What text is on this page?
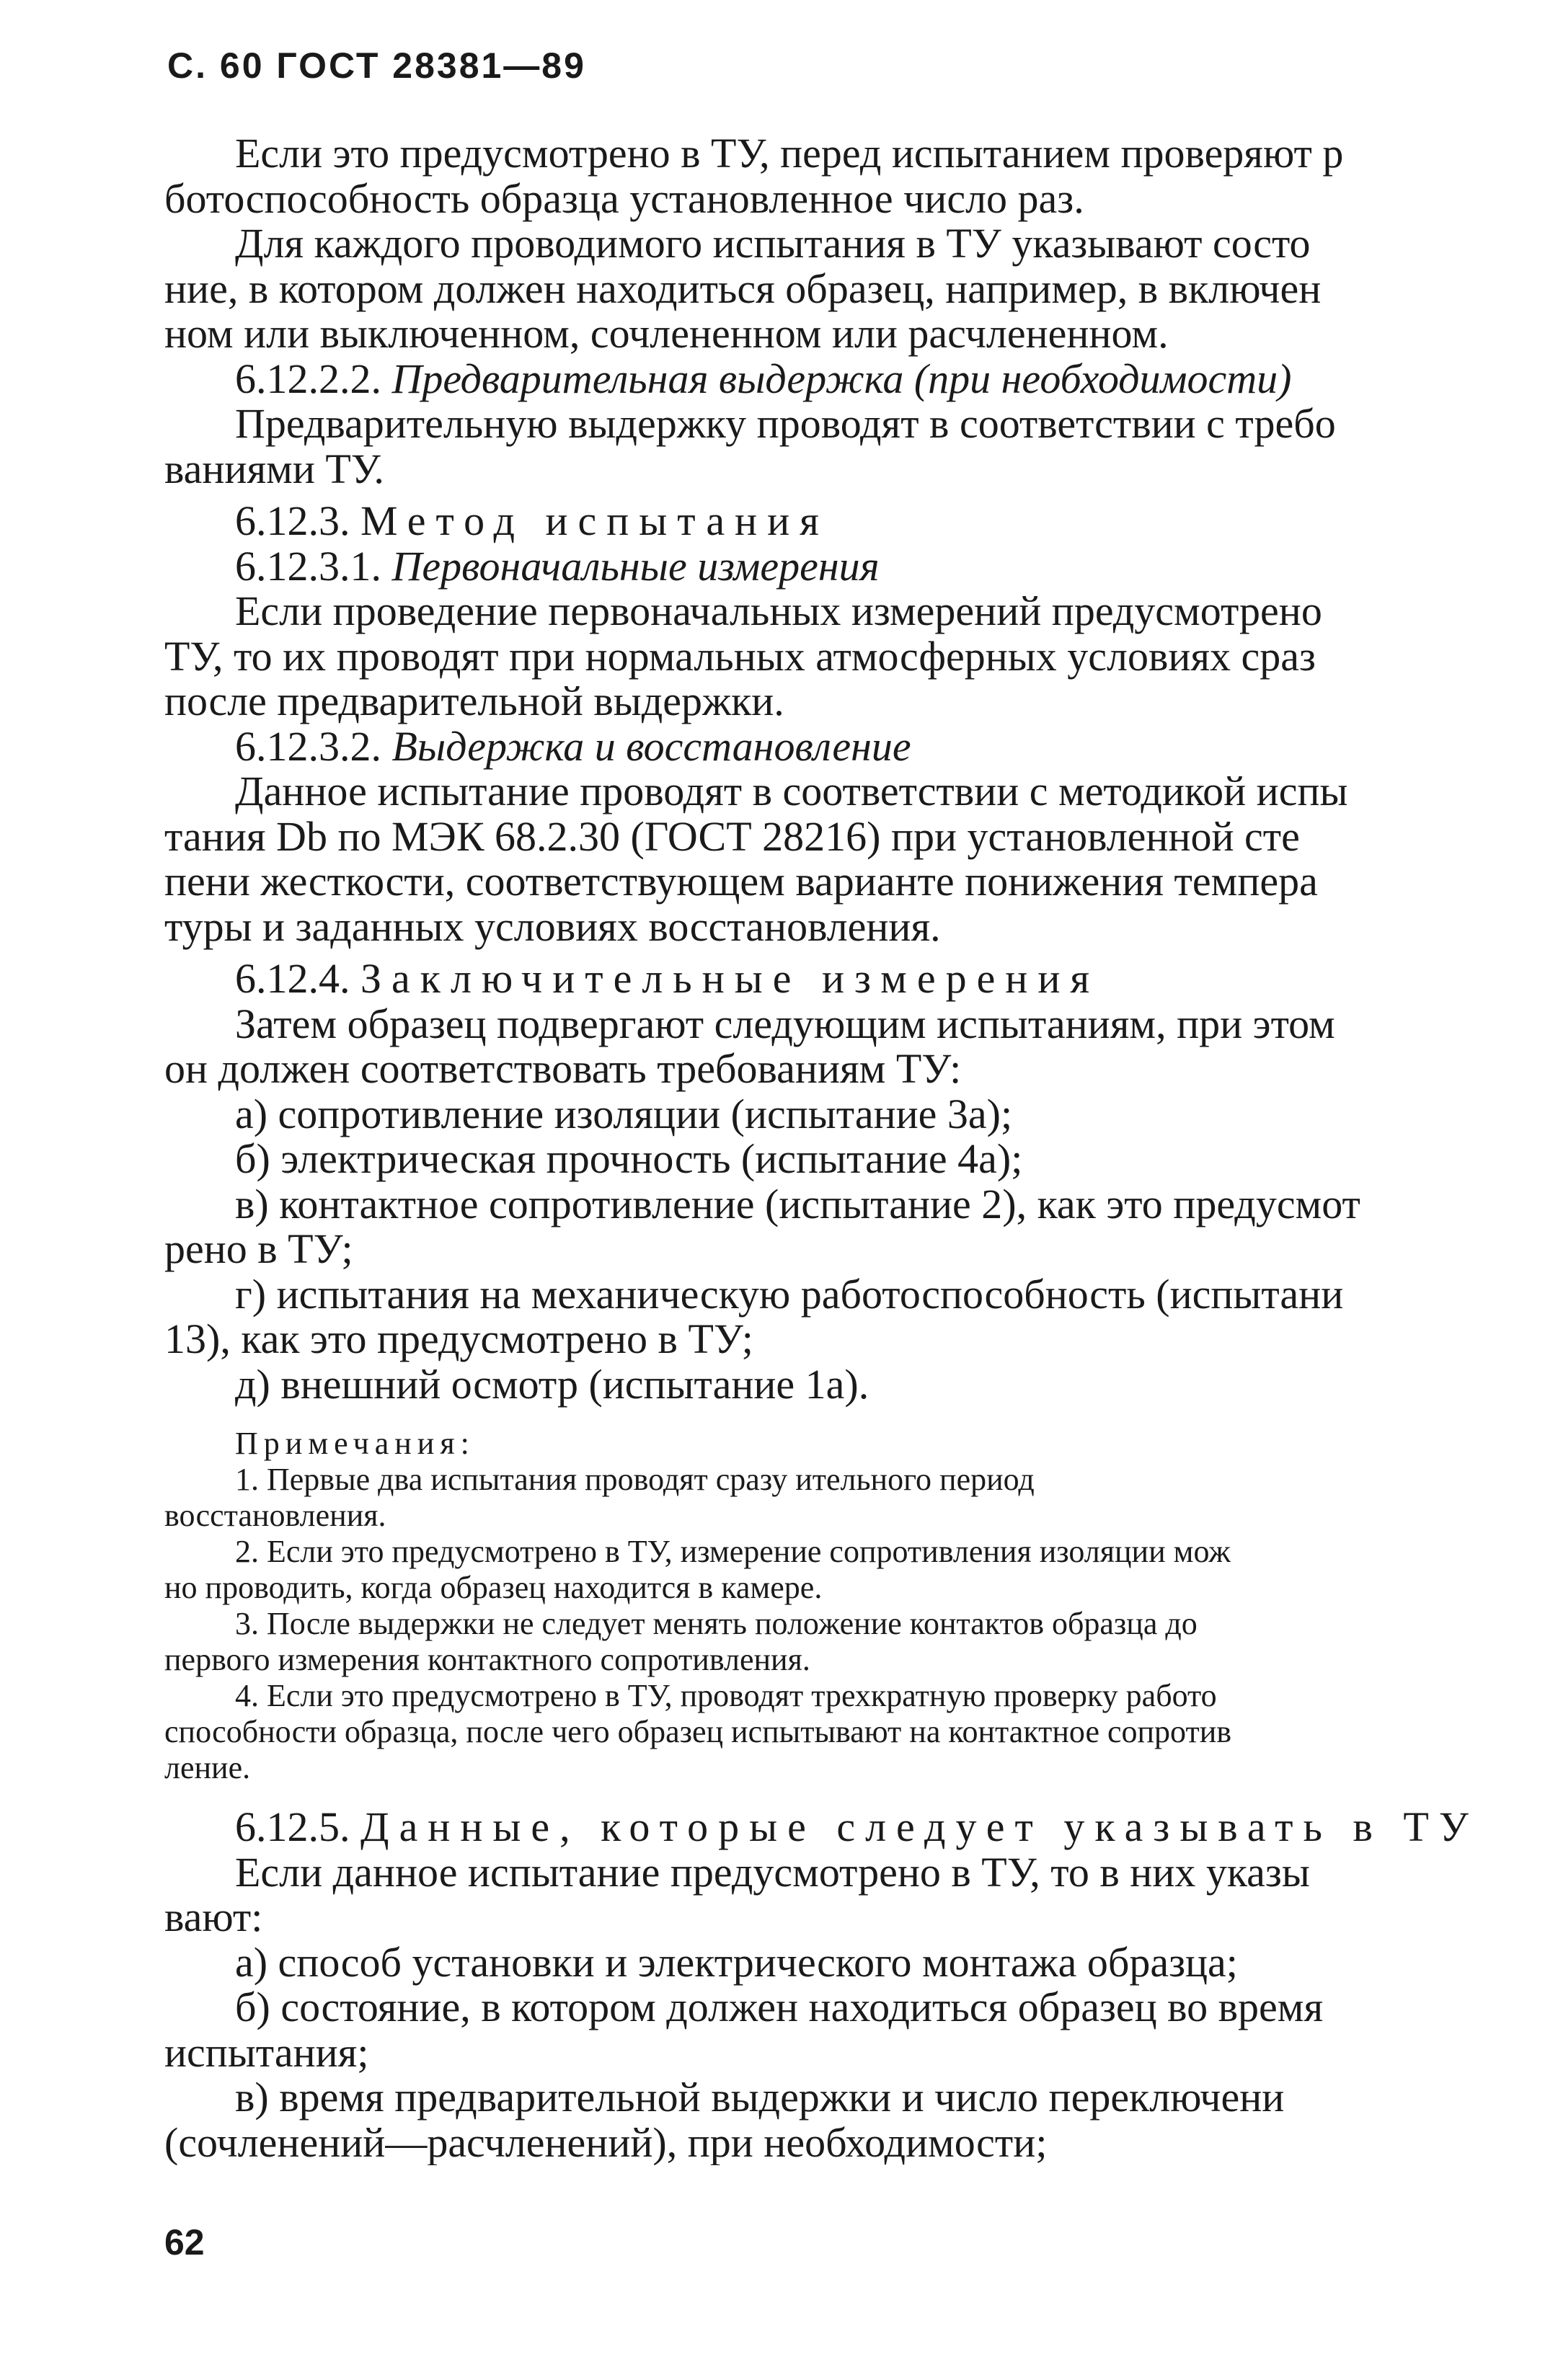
С. 60 ГОСТ 28381—89
Если это предусмотрено в ТУ, перед испытанием проверяют р
ботоспособность образца установленное число раз.
Для каждого проводимого испытания в ТУ указывают состо
ние, в котором должен находиться образец, например, в включен
ном или выключенном, сочлененном или расчлененном.
6.12.2.2. Предварительная выдержка (при необходимости)
Предварительную выдержку проводят в соответствии с требо
ваниями ТУ.
6.12.3. Метод испытания
6.12.3.1. Первоначальные измерения
Если проведение первоначальных измерений предусмотрено
ТУ, то их проводят при нормальных атмосферных условиях сраз
после предварительной выдержки.
6.12.3.2. Выдержка и восстановление
Данное испытание проводят в соответствии с методикой испы
тания Db по МЭК 68.2.30 (ГОСТ 28216) при установленной сте
пени жесткости, соответствующем варианте понижения темпера
туры и заданных условиях восстановления.
6.12.4. Заключительные измерения
Затем образец подвергают следующим испытаниям, при этом
он должен соответствовать требованиям ТУ:
а) сопротивление изоляции (испытание 3а);
б) электрическая прочность (испытание 4а);
в) контактное сопротивление (испытание 2), как это предусмот
рено в ТУ;
г) испытания на механическую работоспособность (испытани
13), как это предусмотрено в ТУ;
д) внешний осмотр (испытание 1а).
Примечания:
1. Первые два испытания проводят сразу ительного период
восстановления.
2. Если это предусмотрено в ТУ, измерение сопротивления изоляции мож
но проводить, когда образец находится в камере.
3. После выдержки не следует менять положение контактов образца до
первого измерения контактного сопротивления.
4. Если это предусмотрено в ТУ, проводят трехкратную проверку работо
способности образца, после чего образец испытывают на контактное сопротив
ление.
6.12.5. Данные, которые следует указывать в ТУ
Если данное испытание предусмотрено в ТУ, то в них указы
вают:
а) способ установки и электрического монтажа образца;
б) состояние, в котором должен находиться образец во время
испытания;
в) время предварительной выдержки и число переключени
(сочленений—расчленений), при необходимости;
62
